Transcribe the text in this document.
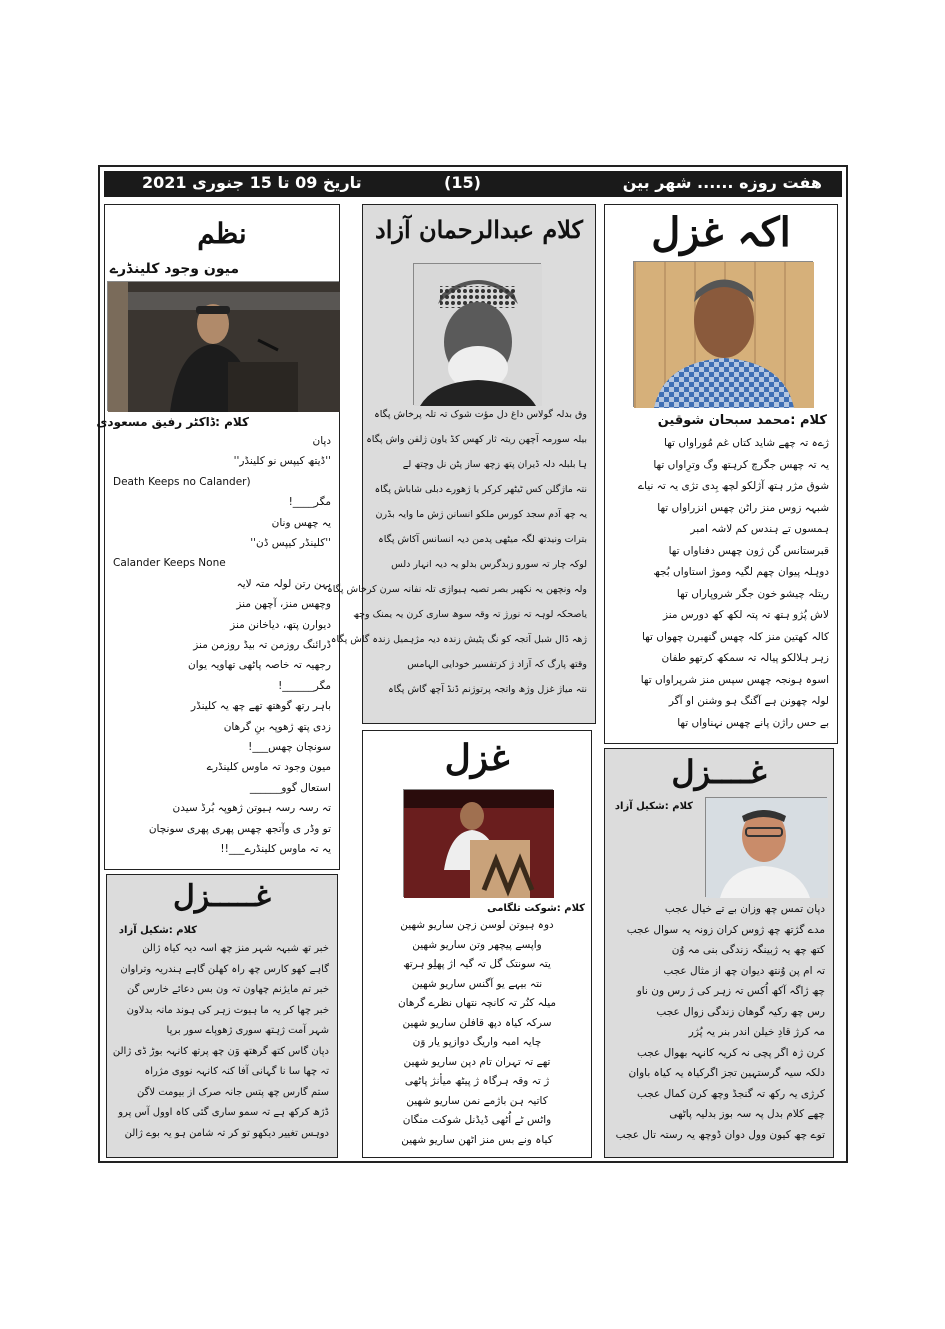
هفت روزه ...... شهر بین
(15)
تاریخ 09 تا 15 جنوری 2021
اکہ غزل
کلام :محمد سبحان شوقین
ژےہ تہ چھے شاید کتاں غم مُوراواں تھا
یہ تہ چھس جگرچ کرہتھ وگ وترِاواں تھا
شوق مژر ہتھ آژلکو لچھ بِدی تژی یہ تہ نیاے
شبہہ زوس منز راٹن چھس انزراواں تھا
ہمسوں تے ہندس کم لاشہ امبر
قبرستانس گن ژون چھس دفناواں تھا
دوہلہ پیوان چھم لگیہ وموژ استاواں بُجھ
ریتلہ چیشو خون جگر شروپاراں تھا
لاش پُژو ہتھ تہ پتہ لکھ کھ دورس منز
کالہ کھتین منز کلہ چھس گنھبرن چھواں تھا
زہر ہلالکو پیالہ تہ سمکھ کرتھو طفان
اسوہ ہونجہ چھس سپس منز شرپراواں تھا
لولہ چھونن ہے آگنگ ہو وشنن او آگر
بے حس راژن پانے چھس نہناواں تھا
کلام عبدالرحمان آزاد
وق بدلہ گولاس داغ دل مؤت شوک تہ تلہ پرخاش پگاہ
بیلہ سورمہ آچھن ریتہ ثار کھس کڈ یاون ژلفن واش پگاہ
ہا بلبلہ دلہ ڈیران پتھ زچھ ساز پٹن نل وچتھ لے
نتہ ماژگلن کس ٹیٹھر کرکر یا ژھورے دبلی شاباش پگاہ
یہ چھ آدم سجد کورس ملکو انسانن ژش ما وایہ بڈرن
بترات ونیدتھ لگہ میٹھی پدمن دیہ انسانس آکاش پگاہ
لوکہ چار تہ سورو زبدگرس بدلو یہ دیہ انہار دلس
ولہ ونچھن یہ نکھیر بصر تصیہ ہیواژی تلہ نفانہ سرن کرخاش پگاہ
یاصحکہ لوہہ تہ نورژ تہ وقہ سوھ ساری کرن یہ یمنک وچھ
ژھہ ڈال شبل آتجہ کو نگ پٹیش زندہ دیہ مژہمیل زندہ گاش پگاہ
وقتھ پارگ کہ آزاد ژ کرتفسیر خودایی الہامس
نتہ میاژ غزل وژھ واتجہ پرتوژنم ڈنڈ آچھ گاش پگاہ
نظم
میون وجود کلینڈرے
کلام :ڈاکٹر رفیق مسعودی
دپان
''ڈیتھ کیپس نو کلینڈر''
Death Keeps no Calander)
مگر____!
یہ چھس ونان
''کلینڈر کیپس ڈن''
Calander Keeps None
بہن رتن لولہ متہ لایہ
وچھس منز، آچھن منز
دیوارن پتھ، دیاخانن منز
ڈرائنگ روزمن تہ بیڈ روزمن منز
رجھیہ تہ خاصہ پاٹھی تھاویہ یوان
مگر______!
باہر رتھ گوھتھ تھے چھ یہ کلینڈر
زدی پتھ ژھوپہ بنِ گرھان
سونچان چھس___!
میون وجود تہ ماوس کلینڈرے
استعال گوو______
تہ رسہ رسہ ہیوتن ژھوپہ بُرڈ سیدن
تو وڈر ی وآتجھ چھس پھری پھری سونچان
یہ تہ ماوس کلینڈرے___!!
غزل
کلام :شوکت تلگامی
دوہ ہیوتن لوسن زچن ساریو شھین
واپسے پیچھر وتن ساریو شھین
یتہ سونتک گل تہ گیہ اژ پھلِو ہرتھ
نتہ بیہے یو آگنس ساریو شھین
میلہ کنُر تہ کانچہ نتھاں نظرے گرھان
سرکہ کیاہ دپھ قافلن ساریو شھین
چایہ امبہ واریگ دوازپو یار وَن
تھے تہ تہران تام دپن ساریو شھین
ژ تہ وقہ ہرگاہ ژ پیٹھ میأنژ پاٹھی
کاتیہ ہن باژمے نمن ساریو شھین
واٹس ٹے اُٹھی ڈیڈنل شوکت منگان
کیاہ ونے بس منز اٹھن ساریو شھین
غــــزل
کلام :شکیل آزاد
دپان تمس چھ وزان بے تے خیال عجب
مدے گژتھ چھ ژوس کران زونہ یہ سوال عجب
کتھ چھ یہ ژبینگہ زندگی بنی مہ وُن
تہ ام پن وُنتھ دیوان چھ از مثال عجب
چھ ژاگہ آکھ اُکس تہ زہر کی ژ رس ون ناو
رس چھ رکیہ گوھان زندگی زوال عجب
مہ کرژ قادِ خیلن اندر بنر یہ پُژر
کرن ژہ اگر پچی نہ کریہ کانہہ بھوال عجب
دلکہ سیہ گرستہین تجز اگرکیاہ یہ کیاہ باوان
کرژی یہ رکھ تہ گنجڈ وچھ کرن کمال عجب
چھے کلام بدل پہ سہ بوز بدلیہ پاٹھی
توے چھ کیون وول دوان ڈوچھ یہ رستہ تال عجب
غـــــزل
کلام :شکیل آزاد
خبر تھ شبہہ شہر منز چھ اسہ دیہ کیاہ ژالن
گاہے کھو کارس چھ راہ کھلن گاہے ہندریہ وتراوان
خبر تم مایژنم چھاون تہ ون بس دعائے خارس گن
خبر چھا کر یہ ما ہیوت زہر کی ہوند مانہ بدلاون
شہر آمت ژہتھ سوری ژھوپاے سور برپا
دپان گاس کتھ گرھتھ وَن چھ پرتھ کانہہ بوڑ ڈی ژالن
تہ چھا سا نا گہانی آفا کنہ کانہہ نووی مژراہ
ستم گارس چھ پتس جانہ صرک از بیومت لاگن
ڈژھ کرکھ ہے تہ سمو ساری گئی کاہ اوول آس پرو
دوہس تغییر دیکھو تو کر تہ شامن ہو یہ بوے ژالن
